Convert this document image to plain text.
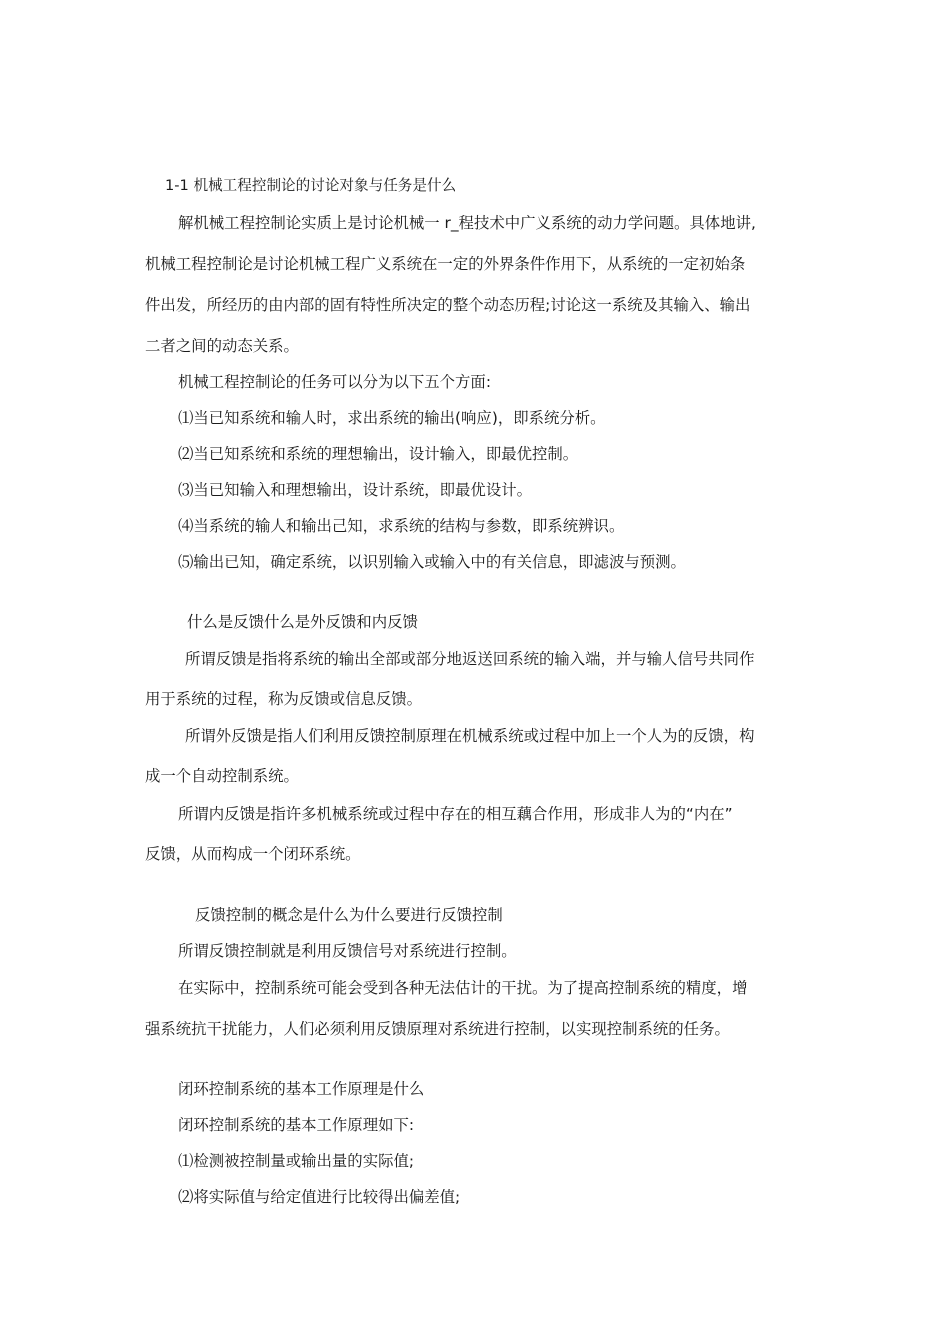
1-1 机械工程控制论的讨论对象与任务是什么

解机械工程控制论实质上是讨论机械一 r_程技术中广义系统的动力学问题。具体地讲,

机械工程控制论是讨论机械工程广义系统在一定的外界条件作用下，从系统的一定初始条

件出发，所经历的由内部的固有特性所决定的整个动态历程;讨论这一系统及其输入、输出

二者之间的动态关系。

机械工程控制论的任务可以分为以下五个方面:

⑴当已知系统和输人时，求出系统的输出(响应)，即系统分析。

⑵当已知系统和系统的理想输出，设计输入，即最优控制。

⑶当已知输入和理想输出，设计系统，即最优设计。

⑷当系统的输人和输出己知，求系统的结构与参数，即系统辨识。

⑸输出已知，确定系统，以识别输入或输入中的有关信息，即滤波与预测。

什么是反馈什么是外反馈和内反馈

所谓反馈是指将系统的输出全部或部分地返送回系统的输入端，并与输人信号共同作

用于系统的过程，称为反馈或信息反馈。

所谓外反馈是指人们利用反馈控制原理在机械系统或过程中加上一个人为的反馈，构

成一个自动控制系统。

所谓内反馈是指许多机械系统或过程中存在的相互藕合作用，形成非人为的“内在”

反馈，从而构成一个闭环系统。

反馈控制的概念是什么为什么要进行反馈控制

所谓反馈控制就是利用反馈信号对系统进行控制。

在实际中，控制系统可能会受到各种无法估计的干扰。为了提高控制系统的精度，增

强系统抗干扰能力，人们必须利用反馈原理对系统进行控制，以实现控制系统的任务。

闭环控制系统的基本工作原理是什么

闭环控制系统的基本工作原理如下:

⑴检测被控制量或输出量的实际值;

⑵将实际值与给定值进行比较得出偏差值;
